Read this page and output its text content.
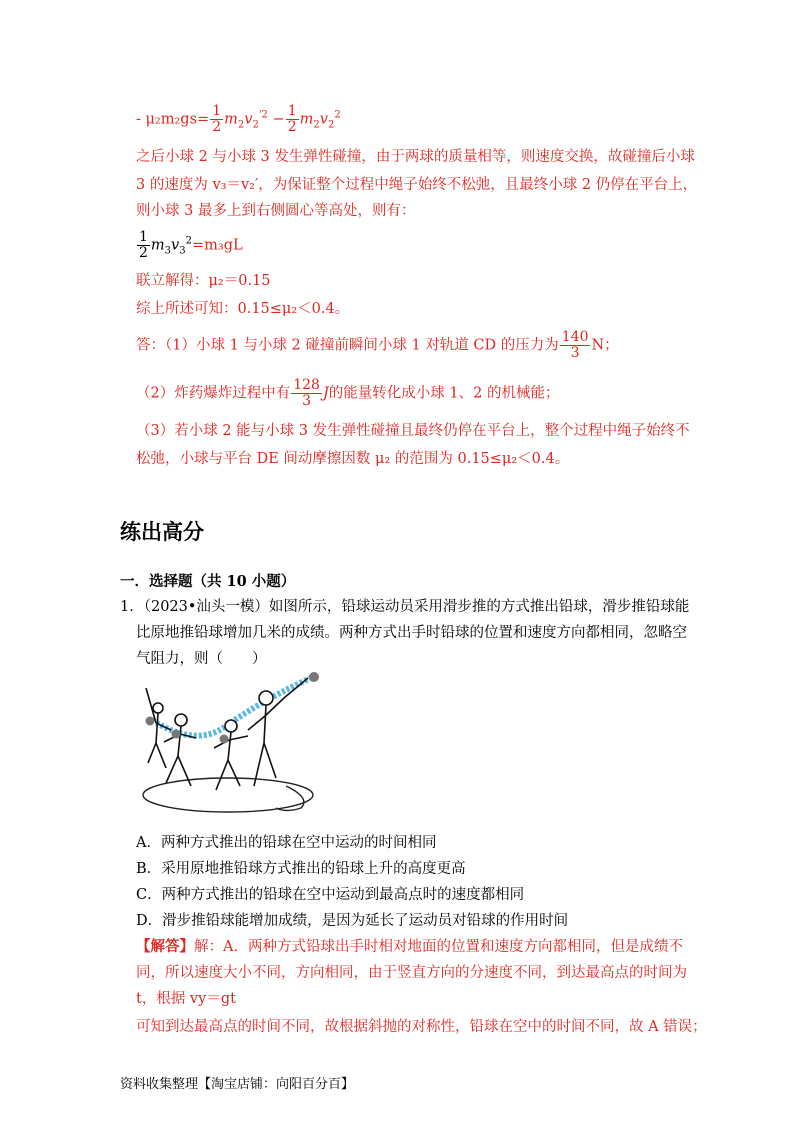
- $\mu_2m_2gs= \frac{1}{2} m_2v_2^{'2} - \frac{1}{2} m_2v_2^2$
之后小球 2 与小球 3 发生弹性碰撞，由于两球的质量相等，则速度交换，故碰撞后小球
3 的速度为 v₃＝v₂′，为保证整个过程中绳子始终不松弛，且最终小球 2 仍停在平台上，
则小球 3 最多上到右侧圆心等高处，则有：
$\frac{1}{2} m_3v_3^2=m_3gL$
联立解得：μ₂＝0.15
综上所述可知：0.15≤μ₂＜0.4。
答：（1）小球 1 与小球 2 碰撞前瞬间小球 1 对轨道 CD 的压力为 $\frac{140}{3}$ N；
（2）炸药爆炸过程中有 $\frac{128}{3}$ J的能量转化成小球 1、2 的机械能；
（3）若小球 2 能与小球 3 发生弹性碰撞且最终仍停在平台上，整个过程中绳子始终不
松弛，小球与平台 DE 间动摩擦因数 μ₂ 的范围为 0.15≤μ₂＜0.4。
练出高分
一．选择题（共 10 小题）
1．（2023•汕头一模）如图所示，铅球运动员采用滑步推的方式推出铅球，滑步推铅球能
比原地推铅球增加几米的成绩。两种方式出手时铅球的位置和速度方向都相同，忽略空
气阻力，则（　　）
A．两种方式推出的铅球在空中运动的时间相同
B．采用原地推铅球方式推出的铅球上升的高度更高
C．两种方式推出的铅球在空中运动到最高点时的速度都相同
D．滑步推铅球能增加成绩，是因为延长了运动员对铅球的作用时间
【解答】解：A．两种方式铅球出手时相对地面的位置和速度方向都相同，但是成绩不
同，所以速度大小不同，方向相同，由于竖直方向的分速度不同，到达最高点的时间为
t，根据 vy＝gt
可知到达最高点的时间不同，故根据斜抛的对称性，铅球在空中的时间不同，故 A 错误；
资料收集整理【淘宝店铺：向阳百分百】
